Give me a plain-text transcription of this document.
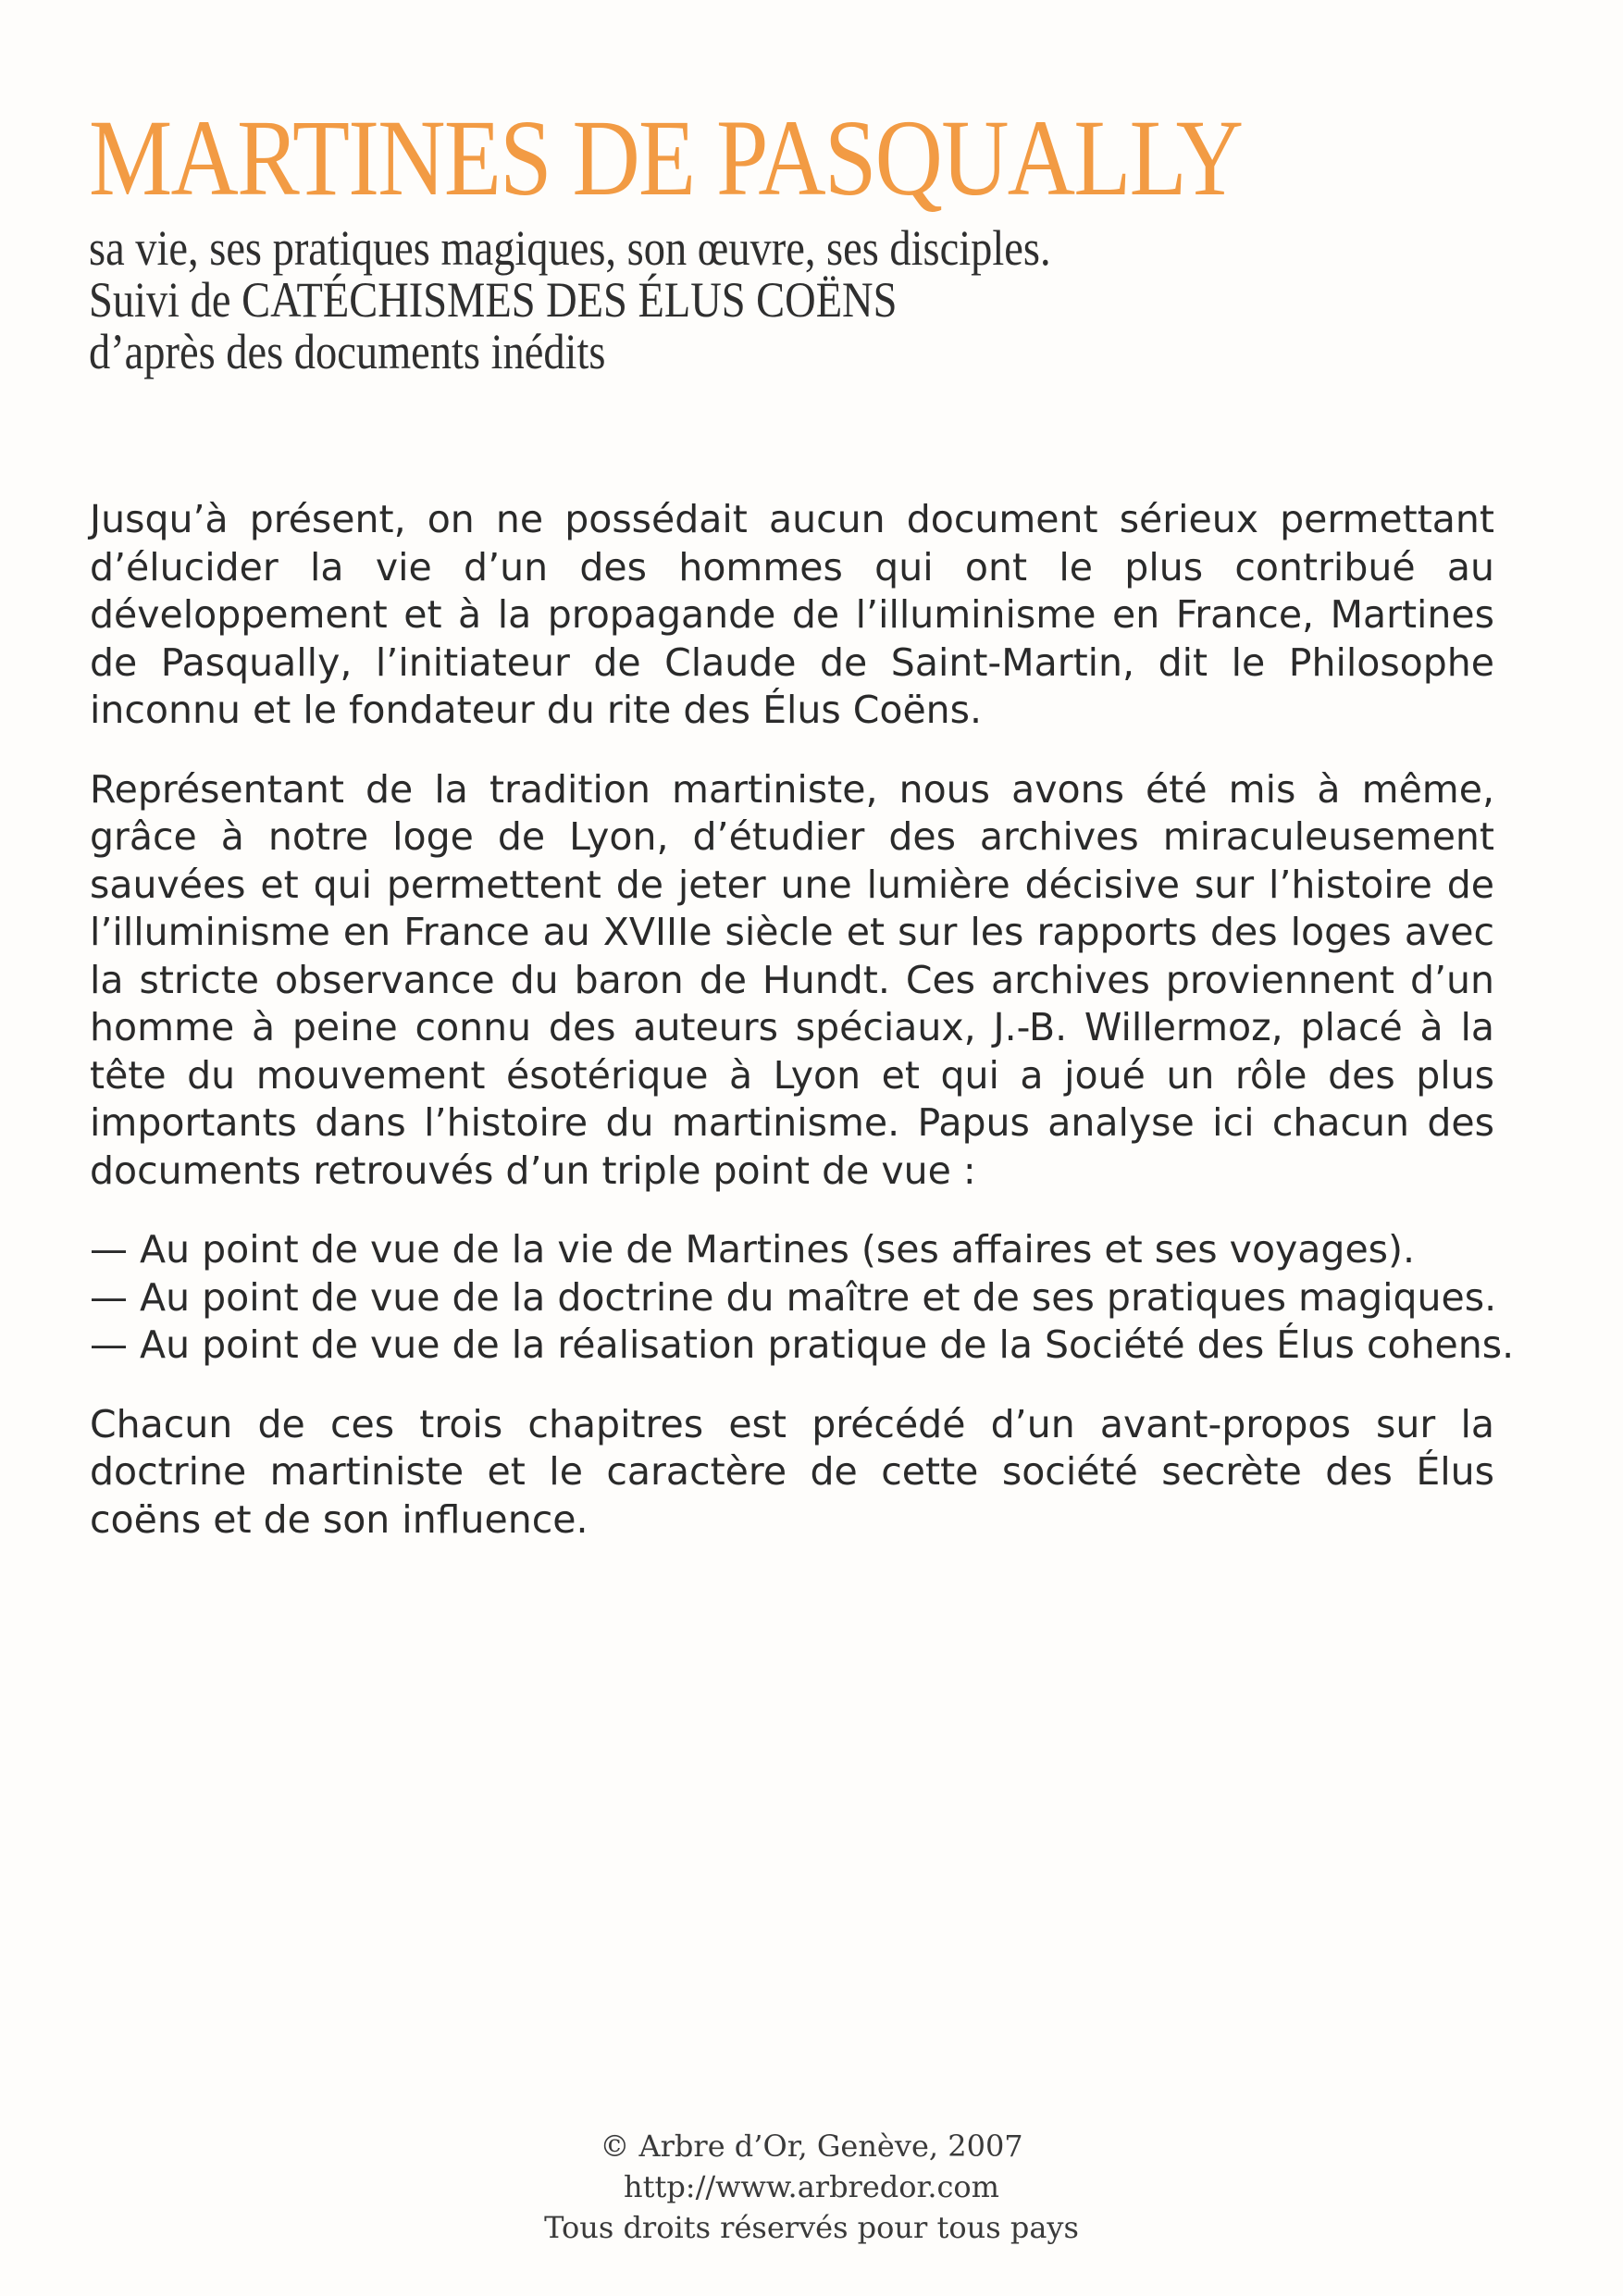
MARTINES DE PASQUALLY
sa vie, ses pratiques magiques, son œuvre, ses disciples.
Suivi de CATÉCHISMES DES ÉLUS COËNS
d’après des documents inédits

Jusqu’à présent, on ne possédait aucun document sérieux permettant d’élucider la vie d’un des hommes qui ont le plus contribué au développement et à la propagande de l’illuminisme en France, Martines de Pasqually, l’initiateur de Claude de Saint-Martin, dit le Philosophe inconnu et le fondateur du rite des Élus Coëns.

Représentant de la tradition martiniste, nous avons été mis à même, grâce à notre loge de Lyon, d’étudier des archives miraculeusement sauvées et qui permettent de jeter une lumière décisive sur l’histoire de l’illuminisme en France au XVIIIe siècle et sur les rapports des loges avec la stricte observance du baron de Hundt. Ces archives proviennent d’un homme à peine connu des auteurs spéciaux, J.-B. Willermoz, placé à la tête du mouvement ésotérique à Lyon et qui a joué un rôle des plus importants dans l’histoire du martinisme. Papus analyse ici chacun des documents retrouvés d’un triple point de vue :

— Au point de vue de la vie de Martines (ses affaires et ses voyages).
— Au point de vue de la doctrine du maître et de ses pratiques magiques.
— Au point de vue de la réalisation pratique de la Société des Élus cohens.

Chacun de ces trois chapitres est précédé d’un avant-propos sur la doctrine martiniste et le caractère de cette société secrète des Élus coëns et de son influence.

© Arbre d’Or, Genève, 2007
http://www.arbredor.com
Tous droits réservés pour tous pays
